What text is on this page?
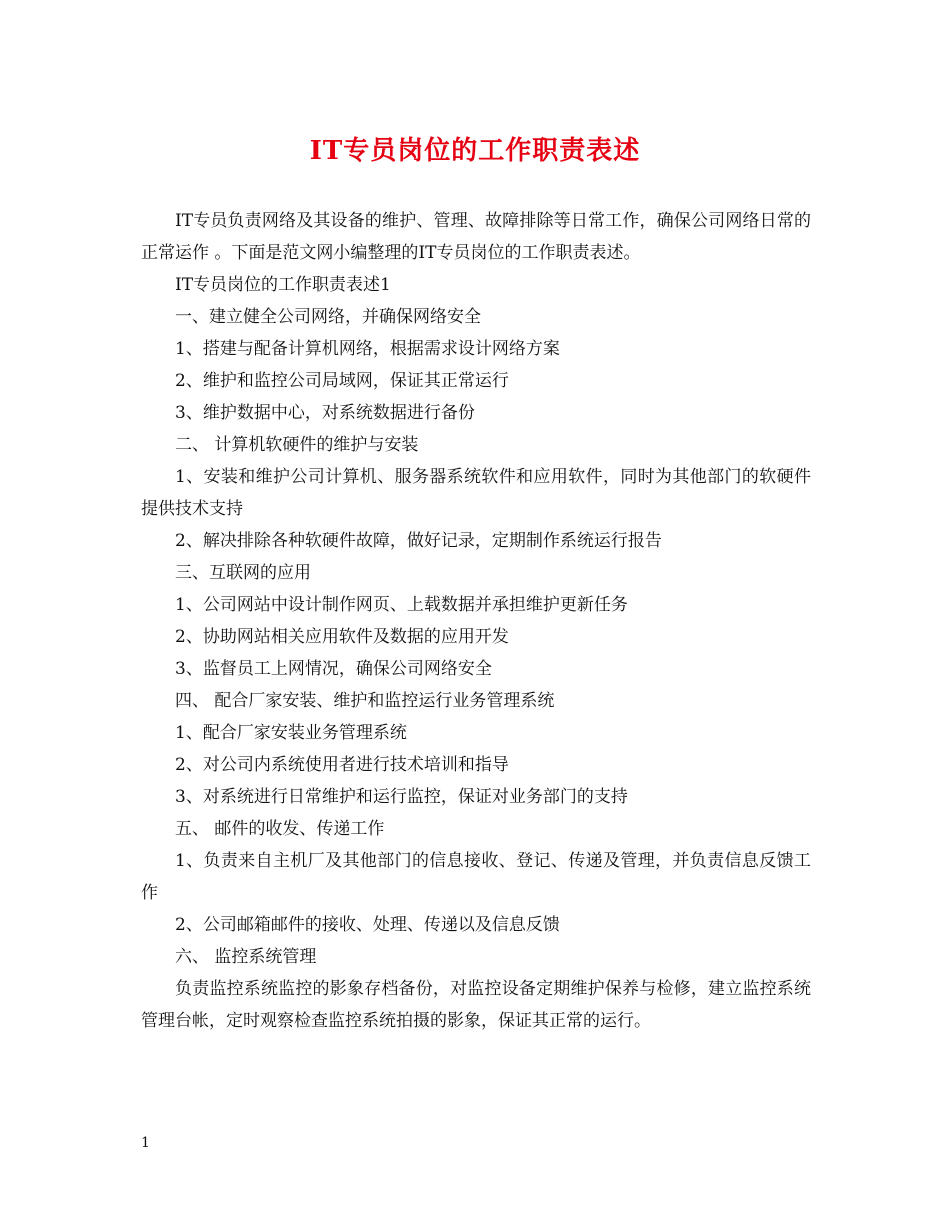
IT专员岗位的工作职责表述

IT专员负责网络及其设备的维护、管理、故障排除等日常工作，确保公司网络日常的正常运作 。下面是范文网小编整理的IT专员岗位的工作职责表述。

IT专员岗位的工作职责表述1

一、建立健全公司网络，并确保网络安全

1、搭建与配备计算机网络，根据需求设计网络方案

2、维护和监控公司局域网，保证其正常运行

3、维护数据中心，对系统数据进行备份

二、 计算机软硬件的维护与安装

1、安装和维护公司计算机、服务器系统软件和应用软件，同时为其他部门的软硬件提供技术支持

2、解决排除各种软硬件故障，做好记录，定期制作系统运行报告

三、互联网的应用

1、公司网站中设计制作网页、上载数据并承担维护更新任务

2、协助网站相关应用软件及数据的应用开发

3、监督员工上网情况，确保公司网络安全

四、 配合厂家安装、维护和监控运行业务管理系统

1、配合厂家安装业务管理系统

2、对公司内系统使用者进行技术培训和指导

3、对系统进行日常维护和运行监控，保证对业务部门的支持

五、 邮件的收发、传递工作

1、负责来自主机厂及其他部门的信息接收、登记、传递及管理，并负责信息反馈工作

2、公司邮箱邮件的接收、处理、传递以及信息反馈

六、 监控系统管理

负责监控系统监控的影象存档备份，对监控设备定期维护保养与检修，建立监控系统管理台帐，定时观察检查监控系统拍摄的影象，保证其正常的运行。

1
